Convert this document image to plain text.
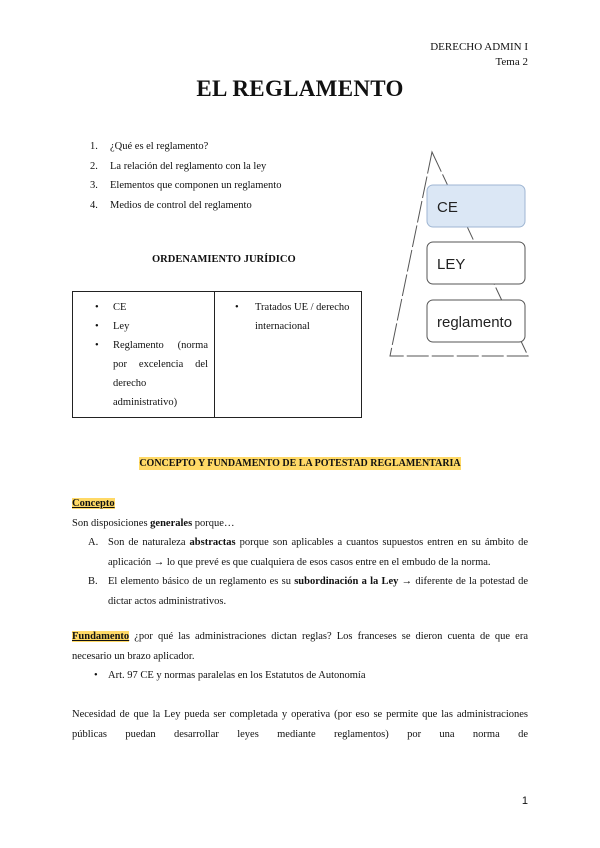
DERECHO ADMIN I
Tema 2
EL REGLAMENTO
1. ¿Qué es el reglamento?
2. La relación del reglamento con la ley
3. Elementos que componen un reglamento
4. Medios de control del reglamento
ORDENAMIENTO JURÍDICO
• CE
• Ley
• Reglamento (norma por excelencia del derecho administrativo)
• Tratados UE / derecho internacional
CE
LEY
reglamento
CONCEPTO Y FUNDAMENTO DE LA POTESTAD REGLAMENTARIA
Concepto
Son disposiciones generales porque…
A. Son de naturaleza abstractas porque son aplicables a cuantos supuestos entren en su ámbito de aplicación → lo que prevé es que cualquiera de esos casos entre en el embudo de la norma.
B. El elemento básico de un reglamento es su subordinación a la Ley → diferente de la potestad de dictar actos administrativos.
Fundamento ¿por qué las administraciones dictan reglas? Los franceses se dieron cuenta de que era necesario un brazo aplicador.
• Art. 97 CE y normas paralelas en los Estatutos de Autonomía
Necesidad de que la Ley pueda ser completada y operativa (por eso se permite que las administraciones públicas puedan desarrollar leyes mediante reglamentos) por una norma de
1
